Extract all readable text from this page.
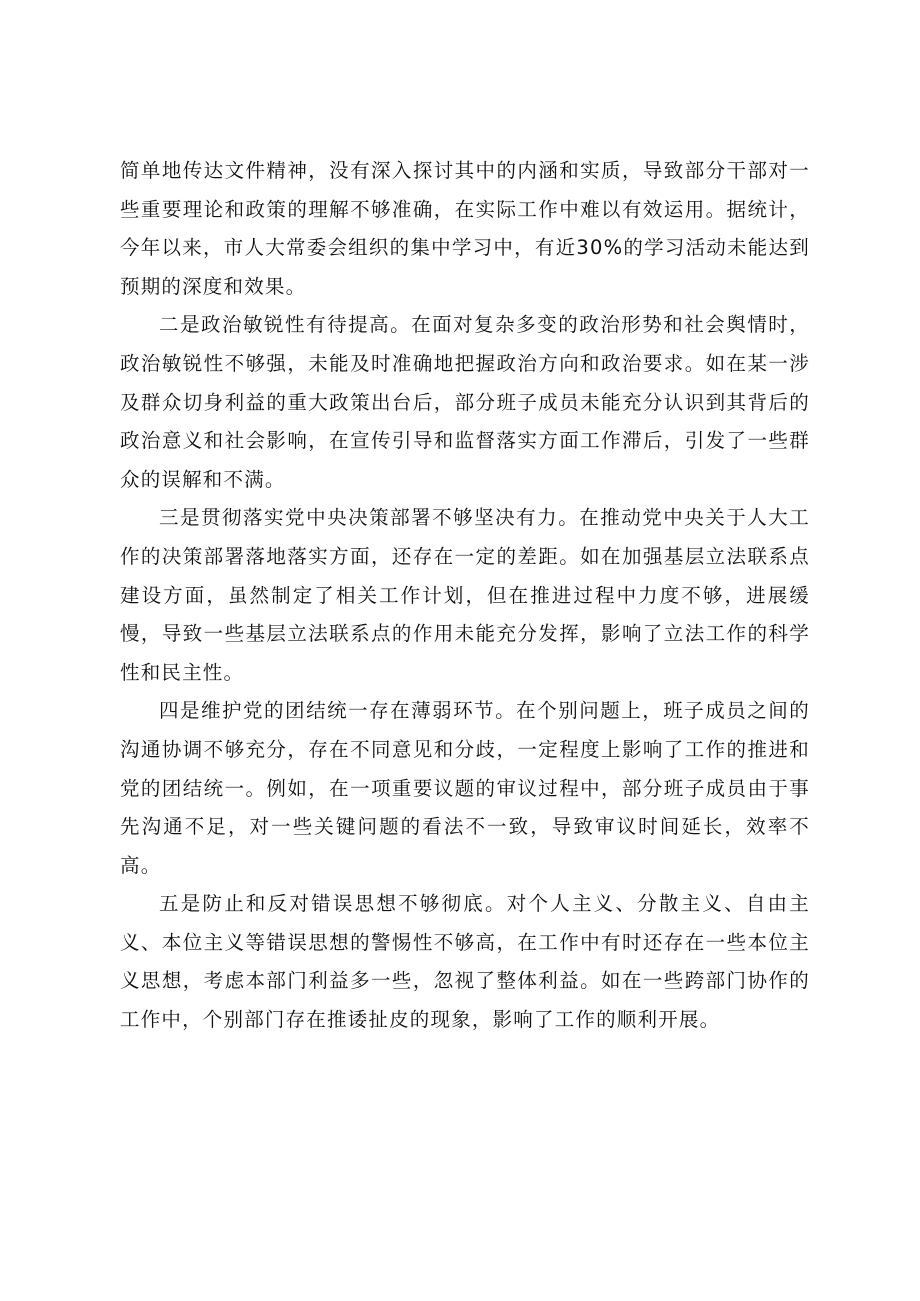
简单地传达文件精神，没有深入探讨其中的内涵和实质，导致部分干部对一些重要理论和政策的理解不够准确，在实际工作中难以有效运用。据统计，今年以来，市人大常委会组织的集中学习中，有近30%的学习活动未能达到预期的深度和效果。

二是政治敏锐性有待提高。在面对复杂多变的政治形势和社会舆情时，政治敏锐性不够强，未能及时准确地把握政治方向和政治要求。如在某一涉及群众切身利益的重大政策出台后，部分班子成员未能充分认识到其背后的政治意义和社会影响，在宣传引导和监督落实方面工作滞后，引发了一些群众的误解和不满。

三是贯彻落实党中央决策部署不够坚决有力。在推动党中央关于人大工作的决策部署落地落实方面，还存在一定的差距。如在加强基层立法联系点建设方面，虽然制定了相关工作计划，但在推进过程中力度不够，进展缓慢，导致一些基层立法联系点的作用未能充分发挥，影响了立法工作的科学性和民主性。

四是维护党的团结统一存在薄弱环节。在个别问题上，班子成员之间的沟通协调不够充分，存在不同意见和分歧，一定程度上影响了工作的推进和党的团结统一。例如，在一项重要议题的审议过程中，部分班子成员由于事先沟通不足，对一些关键问题的看法不一致，导致审议时间延长，效率不高。

五是防止和反对错误思想不够彻底。对个人主义、分散主义、自由主义、本位主义等错误思想的警惕性不够高，在工作中有时还存在一些本位主义思想，考虑本部门利益多一些，忽视了整体利益。如在一些跨部门协作的工作中，个别部门存在推诿扯皮的现象，影响了工作的顺利开展。
